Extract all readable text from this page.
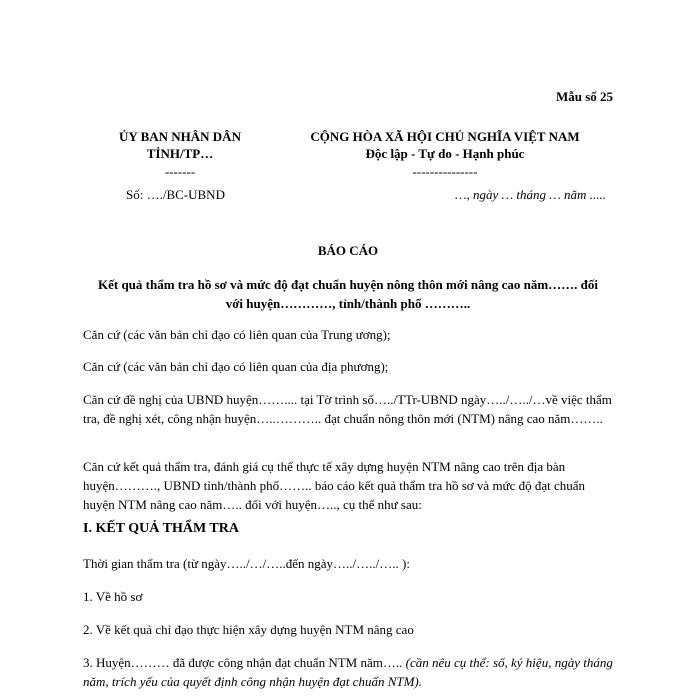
Mẫu số 25
ỦY BAN NHÂN DÂN
TỈNH/TP…
-------
Số: …./BC-UBND
CỘNG HÒA XÃ HỘI CHỦ NGHĨA VIỆT NAM
Độc lập - Tự do - Hạnh phúc
---------------
…, ngày … tháng … năm .....
BÁO CÁO
Kết quả thẩm tra hồ sơ và mức độ đạt chuẩn huyện nông thôn mới nâng cao năm……. đối
với huyện…………, tỉnh/thành phố ………..
Căn cứ (các văn bản chỉ đạo có liên quan của Trung ương);
Căn cứ (các văn bản chỉ đạo có liên quan của địa phương);
Căn cứ đề nghị của UBND huyện…….... tại Tờ trình số…../TTr-UBND ngày…../…../…về việc thẩm tra, đề nghị xét, công nhận huyện…..……….. đạt chuẩn nông thôn mới (NTM) nâng cao năm……..
Căn cứ kết quả thẩm tra, đánh giá cụ thể thực tế xây dựng huyện NTM nâng cao trên địa bàn huyện………., UBND tỉnh/thành phố…….. báo cáo kết quả thẩm tra hồ sơ và mức độ đạt chuẩn huyện NTM nâng cao năm….. đối với huyện….., cụ thể như sau:
I. KẾT QUẢ THẨM TRA
Thời gian thẩm tra (từ ngày…../…/…..đến ngày…../…../….. ):
1. Về hồ sơ
2. Về kết quả chỉ đạo thực hiện xây dựng huyện NTM nâng cao
3. Huyện……… đã được công nhận đạt chuẩn NTM năm….. (cần nêu cụ thể: số, ký hiệu, ngày tháng năm, trích yếu của quyết định công nhận huyện đạt chuẩn NTM).
